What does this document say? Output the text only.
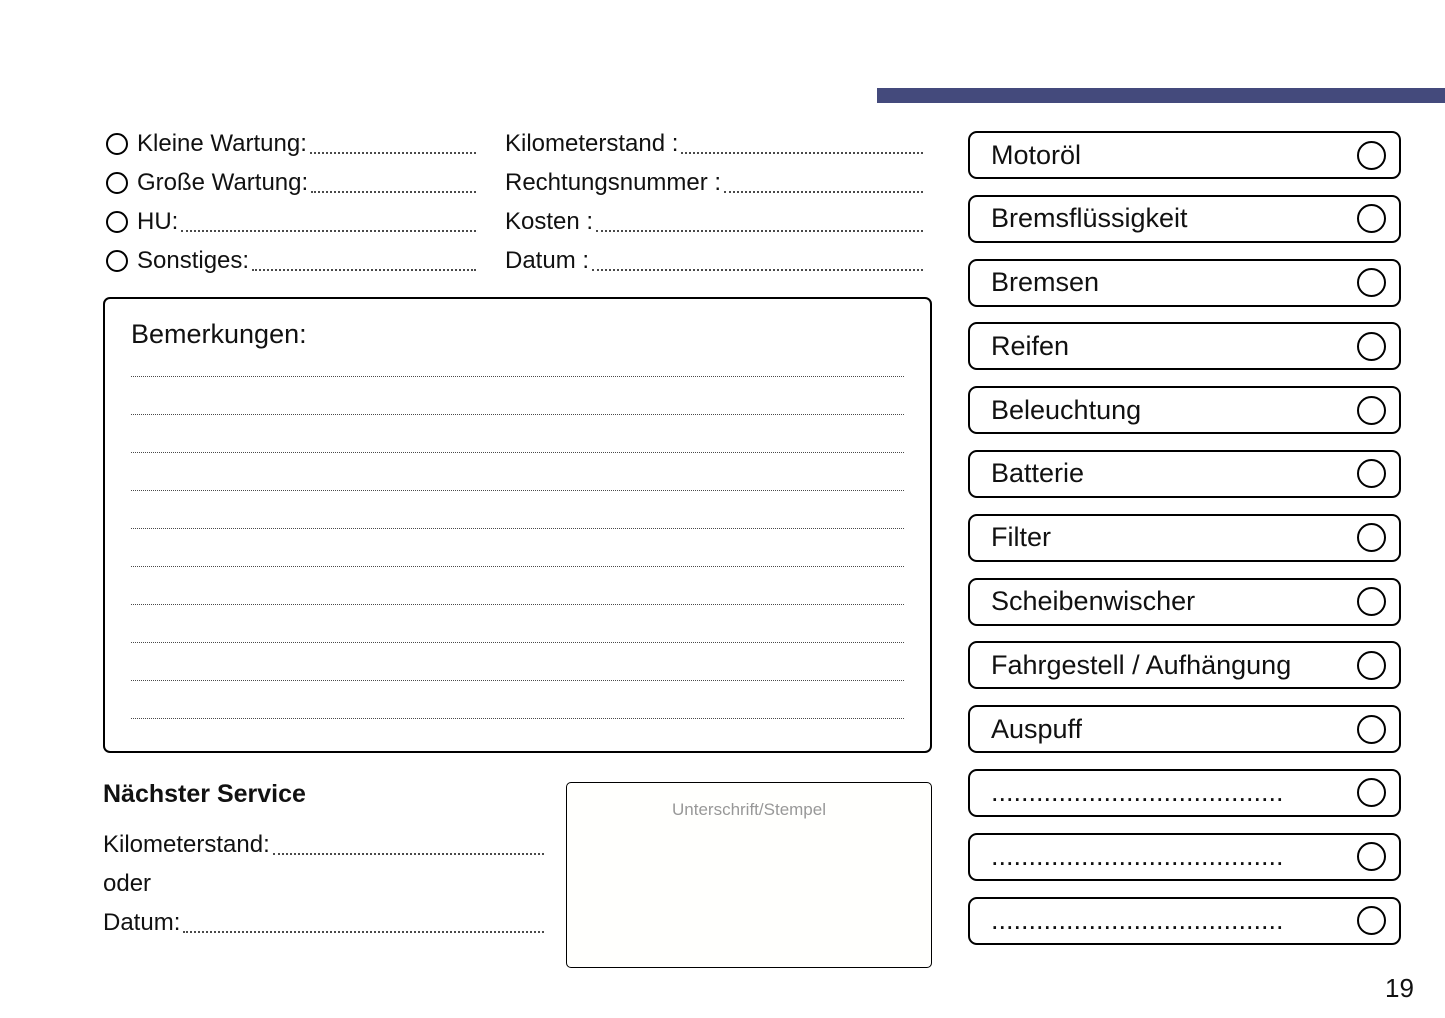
Kleine Wartung:
Große Wartung:
HU:
Sonstiges:
Kilometerstand :
Rechtungsnummer :
Kosten :
Datum :
Bemerkungen:
Nächster Service
Kilometerstand:
oder
Datum:
Unterschrift/Stempel
Motoröl
Bremsflüssigkeit
Bremsen
Reifen
Beleuchtung
Batterie
Filter
Scheibenwischer
Fahrgestell / Aufhängung
Auspuff
.......................................
.......................................
.......................................
19
